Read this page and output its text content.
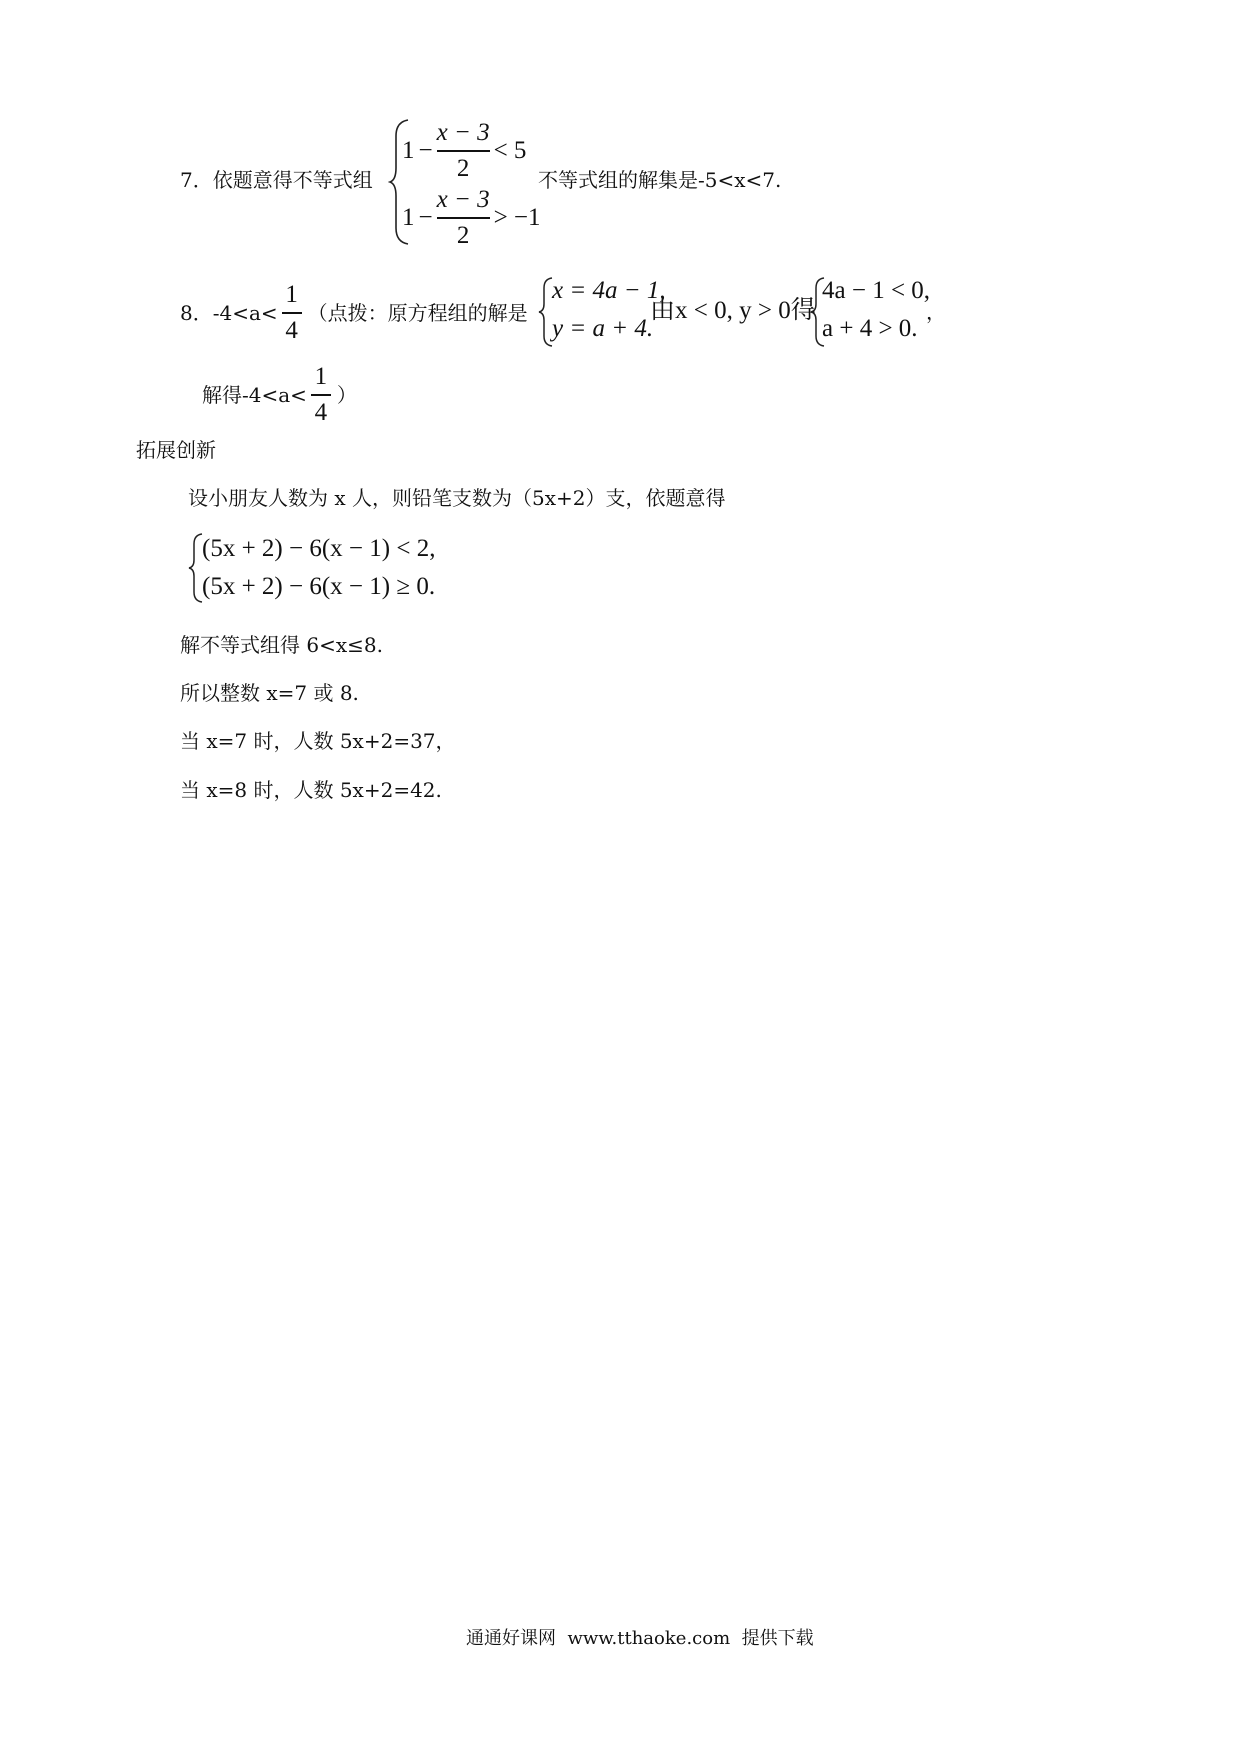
7．依题意得不等式组
$1 - \frac{x - 3}{2} < 5$
$1 - \frac{x - 3}{2} > -1$
不等式组的解集是-5<x<7.
8．$-4<a< \frac{1}{4}$ （点拨：原方程组的解是
x = 4a − 1,
y = a + 4.
由x < 0, y > 0得
4a − 1 < 0,
a + 4 > 0.
，
解得$-4<a< \frac{1}{4}$ ）
拓展创新
设小朋友人数为 x 人，则铅笔支数为（5x+2）支，依题意得
(5x + 2) − 6(x − 1) < 2,
(5x + 2) − 6(x − 1) ≥ 0.
解不等式组得 6<x≤8.
所以整数 x=7 或 8.
当 x=7 时，人数 5x+2=37，
当 x=8 时，人数 5x+2=42.
通通好课网  www.tthaoke.com  提供下载
